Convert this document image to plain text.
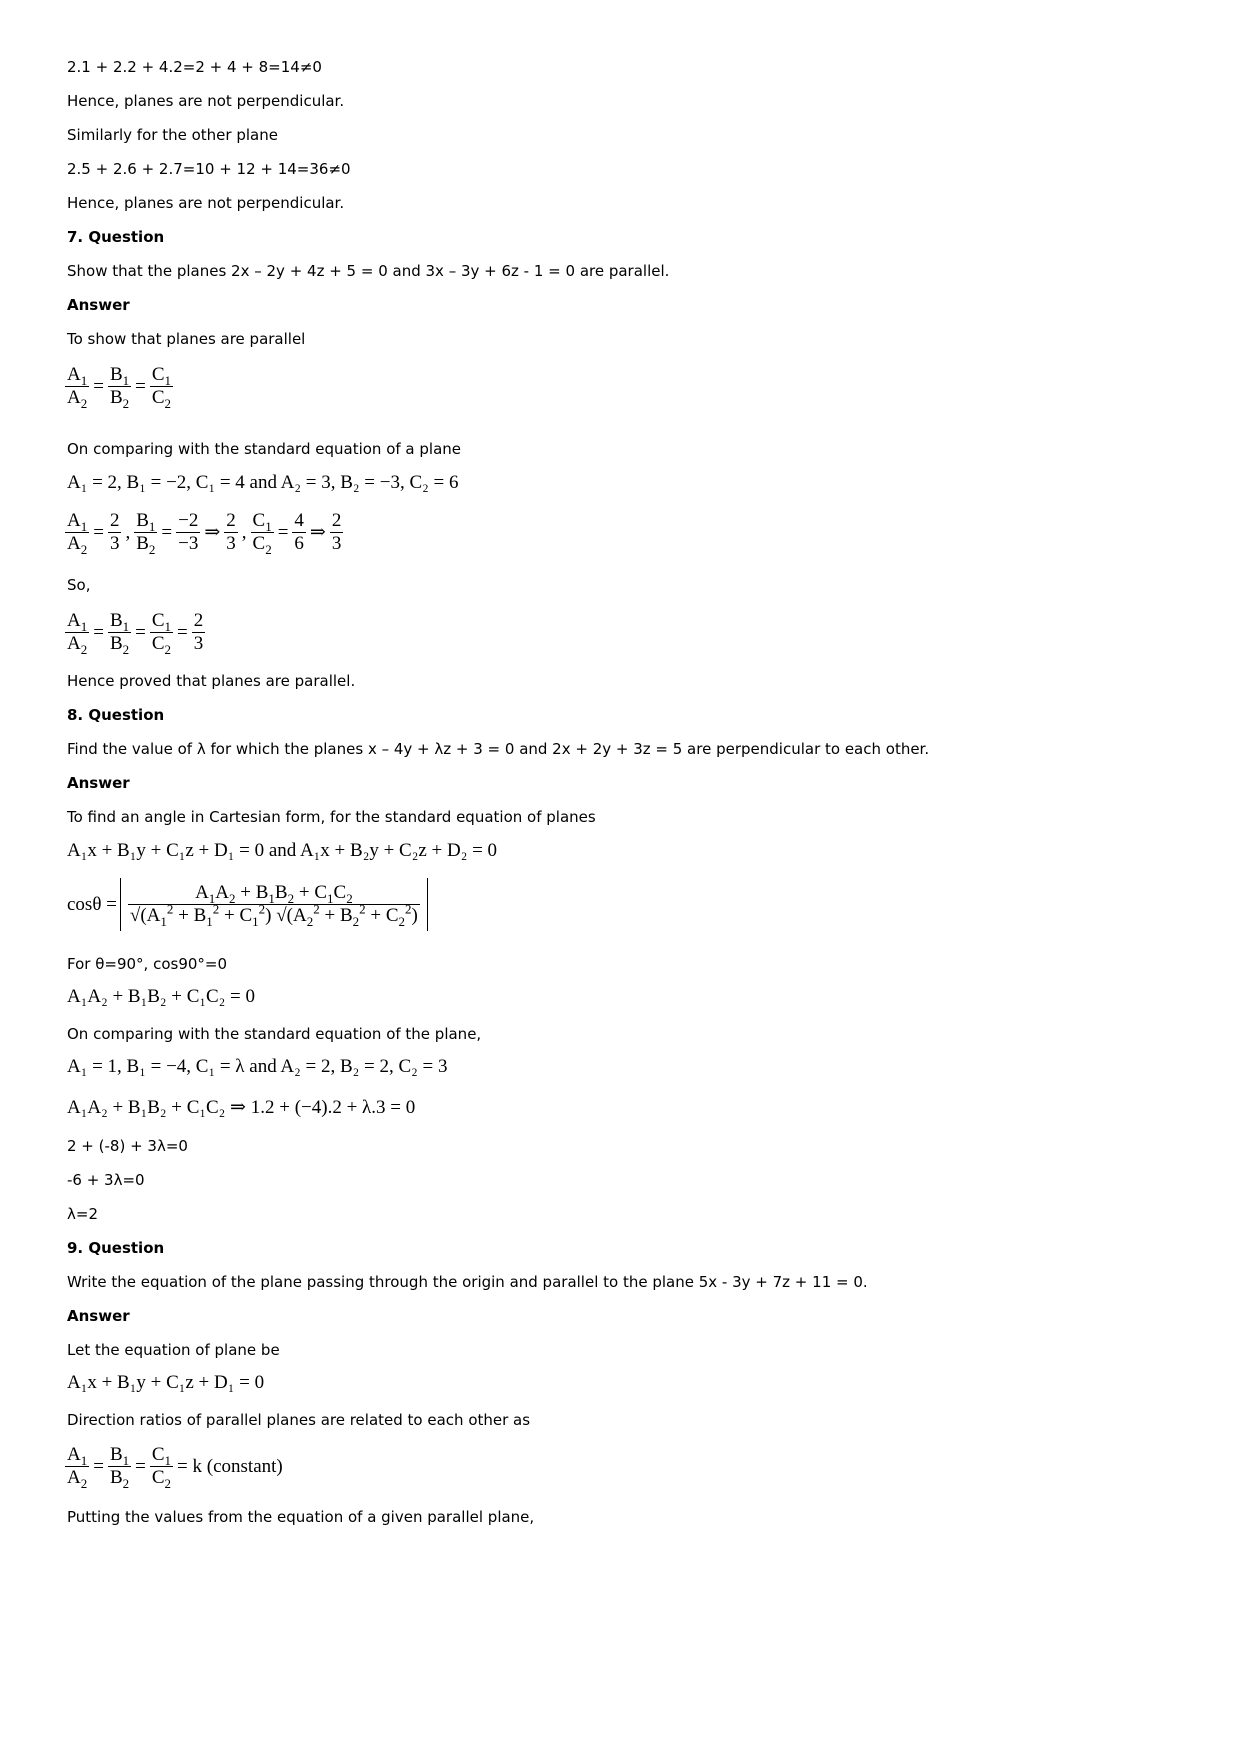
2.1 + 2.2 + 4.2=2 + 4 + 8=14≠0
Hence, planes are not perpendicular.
Similarly for the other plane
2.5 + 2.6 + 2.7=10 + 12 + 14=36≠0
Hence, planes are not perpendicular.
7. Question
Show that the planes 2x – 2y + 4z + 5 = 0 and 3x – 3y + 6z - 1 = 0 are parallel.
Answer
To show that planes are parallel
$\frac{A_1}{A_2} = \frac{B_1}{B_2} = \frac{C_1}{C_2}$
On comparing with the standard equation of a plane
A₁ = 2, B₁ = −2, C₁ = 4 and A₂ = 3, B₂ = −3, C₂ = 6
$\frac{A_1}{A_2} = \frac{2}{3}$ , $\frac{B_1}{B_2} = \frac{-2}{-3}$ ⇒ $\frac{2}{3}$ , $\frac{C_1}{C_2} = \frac{4}{6}$ ⇒ $\frac{2}{3}$
So,
$\frac{A_1}{A_2} = \frac{B_1}{B_2} = \frac{C_1}{C_2} = \frac{2}{3}$
Hence proved that planes are parallel.
8. Question
Find the value of λ for which the planes x – 4y + λz + 3 = 0 and 2x + 2y + 3z = 5 are perpendicular to each other.
Answer
To find an angle in Cartesian form, for the standard equation of planes
A₁x + B₁y + C₁z + D₁ = 0 and A₁x + B₂y + C₂z + D₂ = 0
$\cos\theta = \frac{A_1A_2 + B_1B_2 + C_1C_2}{√(A_1^2 + B_1^2 + C_1^2) √(A_2^2 + B_2^2 + C_2^2)}$
For θ=90°, cos90°=0
A₁A₂ + B₁B₂ + C₁C₂ = 0
On comparing with the standard equation of the plane,
A₁ = 1, B₁ = −4, C₁ = λ and A₂ = 2, B₂ = 2, C₂ = 3
A₁A₂ + B₁B₂ + C₁C₂ ⇒ 1.2 + (−4).2 + λ.3 = 0
2 + (-8) + 3λ=0
-6 + 3λ=0
λ=2
9. Question
Write the equation of the plane passing through the origin and parallel to the plane 5x - 3y + 7z + 11 = 0.
Answer
Let the equation of plane be
A₁x + B₁y + C₁z + D₁ = 0
Direction ratios of parallel planes are related to each other as
$\frac{A_1}{A_2} = \frac{B_1}{B_2} = \frac{C_1}{C_2} = k$ (constant)
Putting the values from the equation of a given parallel plane,
